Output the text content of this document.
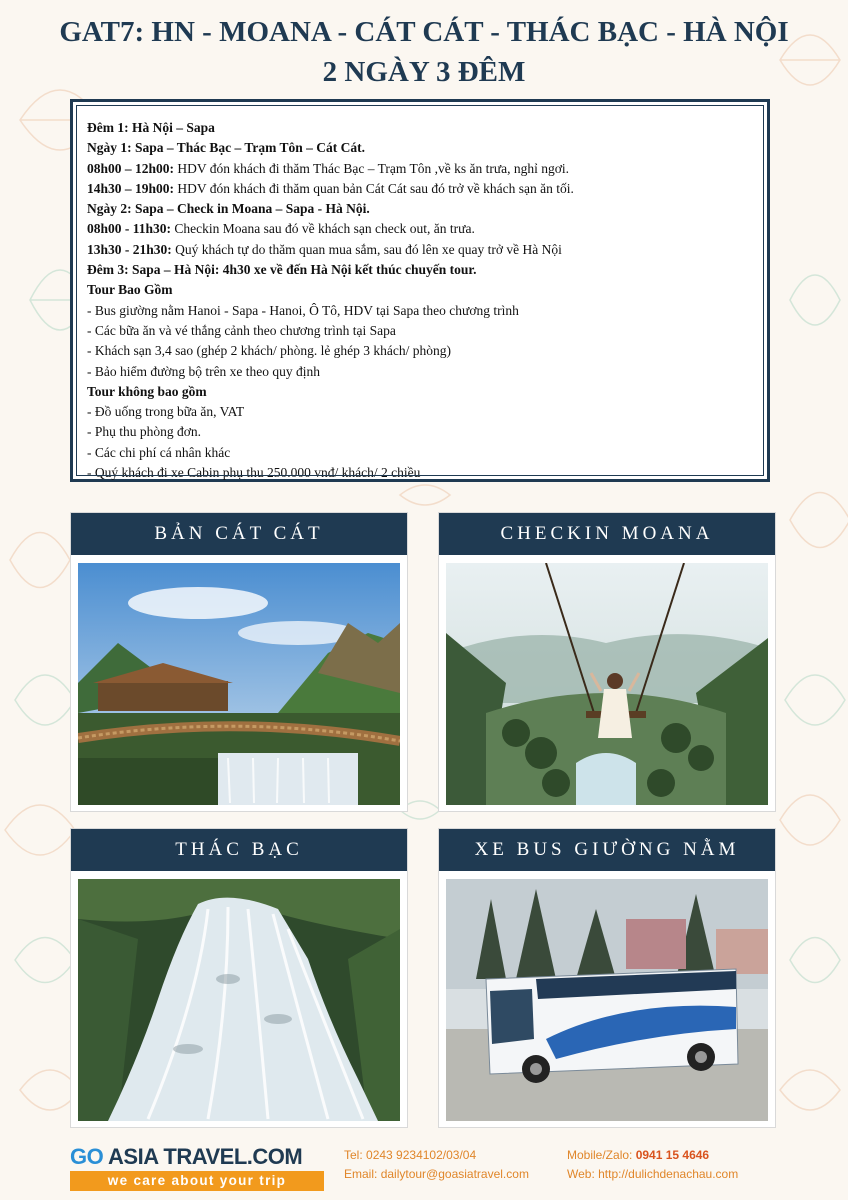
GAT7: HN - MOANA - CÁT CÁT - THÁC BẠC - HÀ NỘI
2 NGÀY 3 ĐÊM
Đêm 1: Hà Nội – Sapa
Ngày 1: Sapa – Thác Bạc – Trạm Tôn – Cát Cát.
08h00 – 12h00: HDV đón khách đi thăm Thác Bạc – Trạm Tôn ,về ks ăn trưa, nghỉ ngơi.
14h30 – 19h00: HDV đón khách đi thăm quan bản Cát Cát sau đó trở về khách sạn ăn tối.
Ngày 2: Sapa – Check in Moana – Sapa - Hà Nội.
08h00 - 11h30: Checkin Moana sau đó về khách sạn check out, ăn trưa.
13h30 - 21h30: Quý khách tự do thăm quan mua sắm, sau đó lên xe quay trở về Hà Nội
Đêm 3: Sapa – Hà Nội: 4h30 xe về đến Hà Nội kết thúc chuyến tour.
Tour Bao Gồm
- Bus giường nằm Hanoi - Sapa - Hanoi, Ô Tô, HDV tại Sapa theo chương trình
- Các bữa ăn và vé thắng cảnh theo chương trình tại Sapa
- Khách sạn 3,4 sao (ghép 2 khách/ phòng. lẻ ghép 3 khách/ phòng)
- Bảo hiểm đường bộ trên xe theo quy định
Tour không bao gồm
- Đồ uống trong bữa ăn, VAT
- Phụ thu phòng đơn.
- Các chi phí cá nhân khác
- Quý khách đi xe Cabin phụ thu 250.000 vnđ/ khách/ 2 chiều
BẢN CÁT CÁT	CHECKIN MOANA
THÁC BẠC	XE BUS GIƯỜNG NẰM
GO ASIA TRAVEL.COM
we care about your trip
Tel: 0243 9234102/03/04
Email: dailytour@goasiatravel.com
Mobile/Zalo: 0941 15 4646
Web: http://dulichdenachau.com
